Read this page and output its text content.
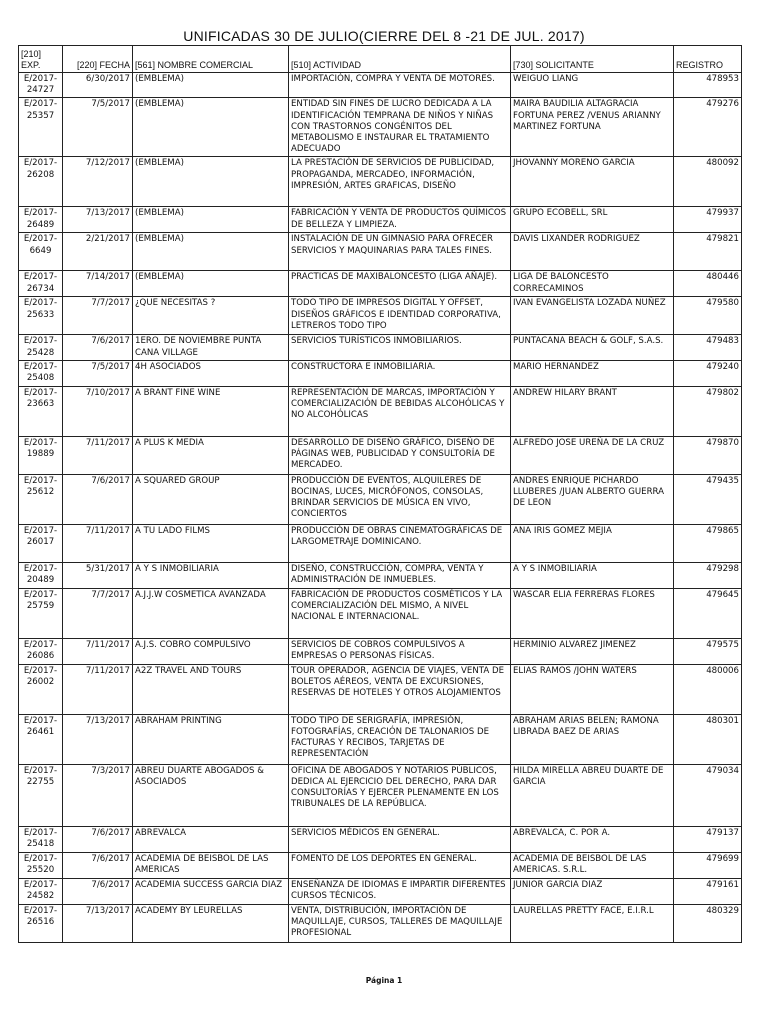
UNIFICADAS 30 DE JULIO(CIERRE DEL 8 -21 DE JUL. 2017)
[210] EXP.	[220] FECHA	[561] NOMBRE COMERCIAL	[510] ACTIVIDAD	[730] SOLICITANTE	REGISTRO
E/2017-24727	6/30/2017	(EMBLEMA)	IMPORTACIÓN, COMPRA Y VENTA DE MOTORES.	WEIGUO LIANG	478953
E/2017-25357	7/5/2017	(EMBLEMA)	ENTIDAD SIN FINES DE LUCRO DEDICADA A LA IDENTIFICACIÓN TEMPRANA DE NIÑOS Y NIÑAS CON TRASTORNOS CONGÉNITOS DEL METABOLISMO E INSTAURAR EL TRATAMIENTO ADECUADO	MAIRA BAUDILIA ALTAGRACIA FORTUNA PEREZ /VENUS ARIANNY MARTINEZ FORTUNA	479276
E/2017-26208	7/12/2017	(EMBLEMA)	LA PRESTACIÓN DE SERVICIOS DE PUBLICIDAD, PROPAGANDA, MERCADEO, INFORMACIÓN, IMPRESIÓN, ARTES GRAFICAS, DISEÑO	JHOVANNY MORENO GARCIA	480092
E/2017-26489	7/13/2017	(EMBLEMA)	FABRICACIÓN Y VENTA DE PRODUCTOS QUÍMICOS DE BELLEZA Y LIMPIEZA.	GRUPO ECOBELL, SRL	479937
E/2017-6649	2/21/2017	(EMBLEMA)	INSTALACIÓN DE UN GIMNASIO PARA OFRECER SERVICIOS Y MAQUINARIAS PARA TALES FINES.	DAVIS LIXANDER RODRIGUEZ	479821
E/2017-26734	7/14/2017	(EMBLEMA)	PRACTICAS DE MAXIBALONCESTO (LIGA AÑAJE).	LIGA DE BALONCESTO CORRECAMINOS	480446
E/2017-25633	7/7/2017	¿QUE NECESITAS ?	TODO TIPO DE IMPRESOS DIGITAL Y OFFSET, DISEÑOS GRÁFICOS E IDENTIDAD CORPORATIVA, LETREROS TODO TIPO	IVAN EVANGELISTA LOZADA NUÑEZ	479580
E/2017-25428	7/6/2017	1ERO. DE NOVIEMBRE PUNTA CANA VILLAGE	SERVICIOS TURÍSTICOS INMOBILIARIOS.	PUNTACANA BEACH & GOLF, S.A.S.	479483
E/2017-25408	7/5/2017	4H ASOCIADOS	CONSTRUCTORA E INMOBILIARIA.	MARIO HERNANDEZ	479240
E/2017-23663	7/10/2017	A BRANT FINE WINE	REPRESENTACIÓN DE MARCAS, IMPORTACIÓN Y COMERCIALIZACIÓN DE BEBIDAS ALCOHÓLICAS Y NO ALCOHÓLICAS	ANDREW HILARY BRANT	479802
E/2017-19889	7/11/2017	A PLUS K MEDIA	DESARROLLO DE DISEÑO GRÁFICO, DISEÑO DE PÁGINAS WEB, PUBLICIDAD Y CONSULTORÍA DE MERCADEO.	ALFREDO JOSE UREÑA DE LA CRUZ	479870
E/2017-25612	7/6/2017	A SQUARED GROUP	PRODUCCIÓN DE EVENTOS, ALQUILERES DE BOCINAS, LUCES, MICRÓFONOS, CONSOLAS, BRINDAR SERVICIOS DE MÚSICA EN VIVO, CONCIERTOS	ANDRES ENRIQUE PICHARDO LLUBERES /JUAN ALBERTO GUERRA DE LEON	479435
E/2017-26017	7/11/2017	A TU LADO FILMS	PRODUCCIÓN DE OBRAS CINEMATOGRÁFICAS DE LARGOMETRAJE DOMINICANO.	ANA IRIS GOMEZ MEJIA	479865
E/2017-20489	5/31/2017	A Y S INMOBILIARIA	DISEÑO, CONSTRUCCIÓN, COMPRA, VENTA Y ADMINISTRACIÓN DE INMUEBLES.	A Y S INMOBILIARIA	479298
E/2017-25759	7/7/2017	A.J.J.W COSMETICA AVANZADA	FABRICACIÓN DE PRODUCTOS COSMÉTICOS Y LA COMERCIALIZACIÓN DEL MISMO, A NIVEL NACIONAL E INTERNACIONAL.	WASCAR ELIA FERRERAS FLORES	479645
E/2017-26086	7/11/2017	A.J.S. COBRO COMPULSIVO	SERVICIOS DE COBROS COMPULSIVOS A EMPRESAS O PERSONAS FÍSICAS.	HERMINIO ALVAREZ JIMENEZ	479575
E/2017-26002	7/11/2017	A2Z TRAVEL AND TOURS	TOUR OPERADOR, AGENCIA DE VIAJES, VENTA DE BOLETOS AÉREOS, VENTA DE EXCURSIONES, RESERVAS DE HOTELES Y OTROS ALOJAMIENTOS	ELIAS RAMOS /JOHN WATERS	480006
E/2017-26461	7/13/2017	ABRAHAM PRINTING	TODO TIPO DE SERIGRAFÍA, IMPRESIÓN, FOTOGRAFÍAS, CREACIÓN DE TALONARIOS DE FACTURAS Y RECIBOS, TARJETAS DE REPRESENTACIÓN	ABRAHAM ARIAS BELEN; RAMONA LIBRADA BAEZ DE ARIAS	480301
E/2017-22755	7/3/2017	ABREU DUARTE ABOGADOS & ASOCIADOS	OFICINA DE ABOGADOS Y NOTARIOS PÚBLICOS, DEDICA AL EJERCICIO DEL DERECHO, PARA DAR CONSULTORÍAS Y EJERCER PLENAMENTE EN LOS TRIBUNALES DE LA REPÚBLICA.	HILDA MIRELLA ABREU DUARTE DE GARCIA	479034
E/2017-25418	7/6/2017	ABREVALCA	SERVICIOS MÉDICOS EN GENERAL.	ABREVALCA, C. POR A.	479137
E/2017-25520	7/6/2017	ACADEMIA DE BEISBOL DE LAS AMERICAS	FOMENTO DE LOS DEPORTES EN GENERAL.	ACADEMIA DE BEISBOL DE LAS AMERICAS. S.R.L.	479699
E/2017-24582	7/6/2017	ACADEMIA SUCCESS GARCIA DIAZ	ENSEÑANZA DE IDIOMAS E IMPARTIR DIFERENTES CURSOS TÉCNICOS.	JUNIOR GARCIA DIAZ	479161
E/2017-26516	7/13/2017	ACADEMY BY LEURELLAS	VENTA, DISTRIBUCIÓN, IMPORTACIÓN DE MAQUILLAJE, CURSOS, TALLERES DE MAQUILLAJE PROFESIONAL	LAURELLAS PRETTY FACE, E.I.R.L	480329
Página 1
